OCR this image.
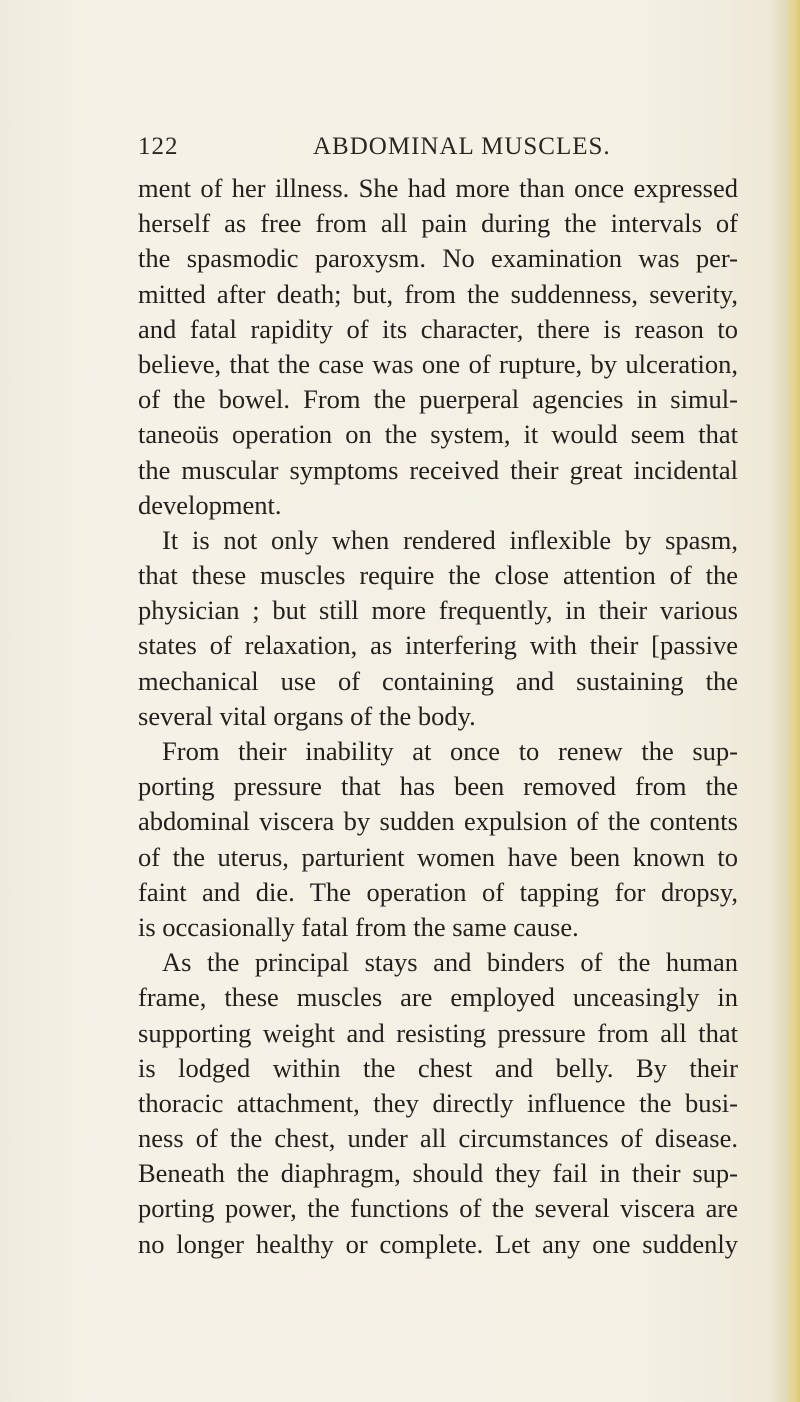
122	ABDOMINAL MUSCLES.
ment of her illness. She had more than once expressed
herself as free from all pain during the intervals of
the spasmodic paroxysm. No examination was per-
mitted after death; but, from the suddenness, severity,
and fatal rapidity of its character, there is reason to
believe, that the case was one of rupture, by ulceration,
of the bowel. From the puerperal agencies in simul-
taneoüs operation on the system, it would seem that
the muscular symptoms received their great incidental
development.
It is not only when rendered inflexible by spasm,
that these muscles require the close attention of the
physician ; but still more frequently, in their various
states of relaxation, as interfering with their [passive
mechanical use of containing and sustaining the
several vital organs of the body.
From their inability at once to renew the sup-
porting pressure that has been removed from the
abdominal viscera by sudden expulsion of the contents
of the uterus, parturient women have been known to
faint and die. The operation of tapping for dropsy,
is occasionally fatal from the same cause.
As the principal stays and binders of the human
frame, these muscles are employed unceasingly in
supporting weight and resisting pressure from all that
is lodged within the chest and belly. By their
thoracic attachment, they directly influence the busi-
ness of the chest, under all circumstances of disease.
Beneath the diaphragm, should they fail in their sup-
porting power, the functions of the several viscera are
no longer healthy or complete. Let any one suddenly
